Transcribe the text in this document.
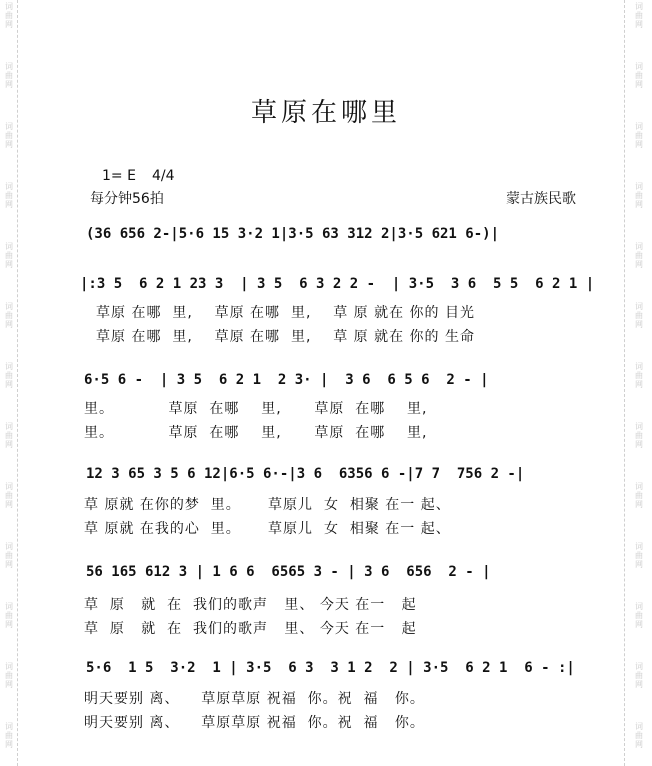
词曲网
词曲网
词曲网
词曲网
词曲网
词曲网
词曲网
词曲网
词曲网
词曲网
词曲网
词曲网
词曲网
词曲网
词曲网
词曲网
词曲网
词曲网
词曲网
词曲网
词曲网
词曲网
词曲网
词曲网
词曲网
词曲网
草原在哪里
1= E 4/4
每分钟56拍	蒙古族民歌
(36 656 2-|5·6 15 3·2 1|3·5 63 312 2|3·5 621 6-)|
|:3 5  6 2 1 23 3  | 3 5  6 3 2 2 -  | 3·5  3 6  5 5  6 2 1 |
草原 在哪  里,    草原 在哪  里,    草 原 就在 你的 目光
草原 在哪  里,    草原 在哪  里,    草 原 就在 你的 生命
6·5 6 -  | 3 5  6 2 1  2 3· |  3 6  6 5 6  2 - |
里。          草原  在哪    里,      草原  在哪    里,
里。          草原  在哪    里,      草原  在哪    里,
12 3 65 3 5 6 12|6·5 6·-|3 6  6356 6 -|7 7  756 2 -|
草 原就 在你的梦  里。     草原儿  女  相聚 在一 起、
草 原就 在我的心  里。     草原儿  女  相聚 在一 起、
56 165 612 3 | 1 6 6  6565 3 - | 3 6  656  2 - |
草  原   就  在  我们的歌声   里、 今天 在一   起
草  原   就  在  我们的歌声   里、 今天 在一   起
5·6  1 5  3·2  1 | 3·5  6 3  3 1 2  2 | 3·5  6 2 1  6 - :|
明天要别 离、    草原草原 祝福  你。祝  福   你。
明天要别 离、    草原草原 祝福  你。祝  福   你。
